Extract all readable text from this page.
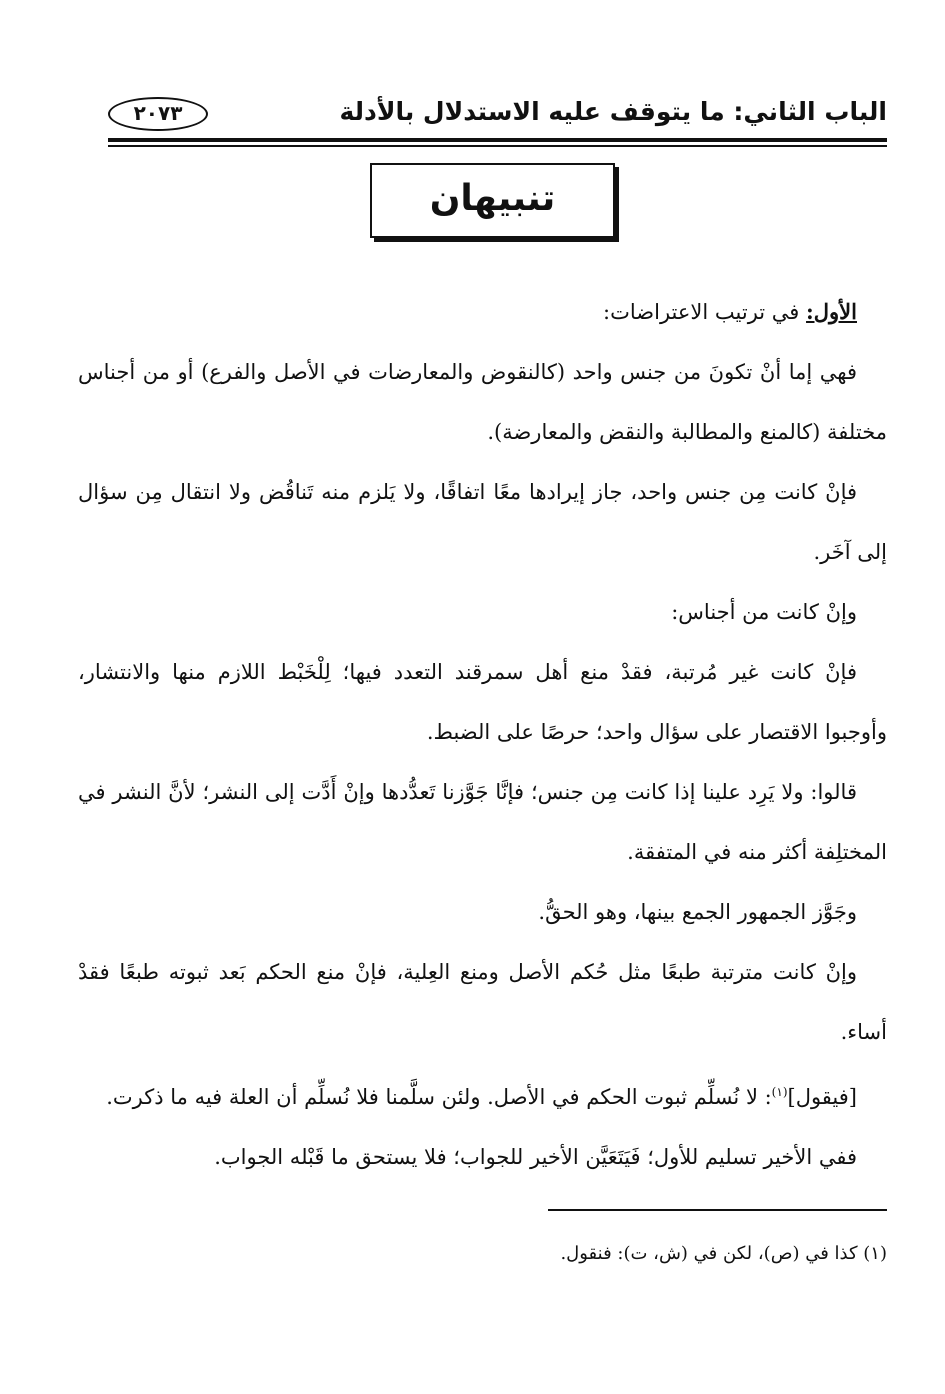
الباب الثاني: ما يتوقف عليه الاستدلال بالأدلة
٢٠٧٣
تنبيهان

الأول: في ترتيب الاعتراضات:

فهي إما أنْ تكونَ من جنس واحد (كالنقوض والمعارضات في الأصل والفرع) أو من أجناس مختلفة (كالمنع والمطالبة والنقض والمعارضة).

فإنْ كانت مِن جنس واحد، جاز إيرادها معًا اتفاقًا، ولا يَلزم منه تَناقُض ولا انتقال مِن سؤال إلى آخَر.

وإنْ كانت من أجناس:

فإنْ كانت غير مُرتبة، فقدْ منع أهل سمرقند التعدد فيها؛ لِلْخَبْط اللازم منها والانتشار، وأوجبوا الاقتصار على سؤال واحد؛ حرصًا على الضبط.

قالوا: ولا يَرِد علينا إذا كانت مِن جنس؛ فإنَّا جَوَّزنا تَعدُّدها وإنْ أَدَّت إلى النشر؛ لأنَّ النشر في المختلِفة أكثر منه في المتفقة.

وجَوَّز الجمهور الجمع بينها، وهو الحقُّ.

وإنْ كانت مترتبة طبعًا مثل حُكم الأصل ومنع العِلية، فإنْ منع الحكم بَعد ثبوته طبعًا فقدْ أساء.

[فيقول]$^{(١)}$: لا نُسلِّم ثبوت الحكم في الأصل. ولئن سلَّمنا فلا نُسلِّم أن العلة فيه ما ذكرت.

ففي الأخير تسليم للأول؛ فَيَتَعَيَّن الأخير للجواب؛ فلا يستحق ما قَبْله الجواب.

(١) كذا في (ص)، لكن في (ش، ت): فنقول.
